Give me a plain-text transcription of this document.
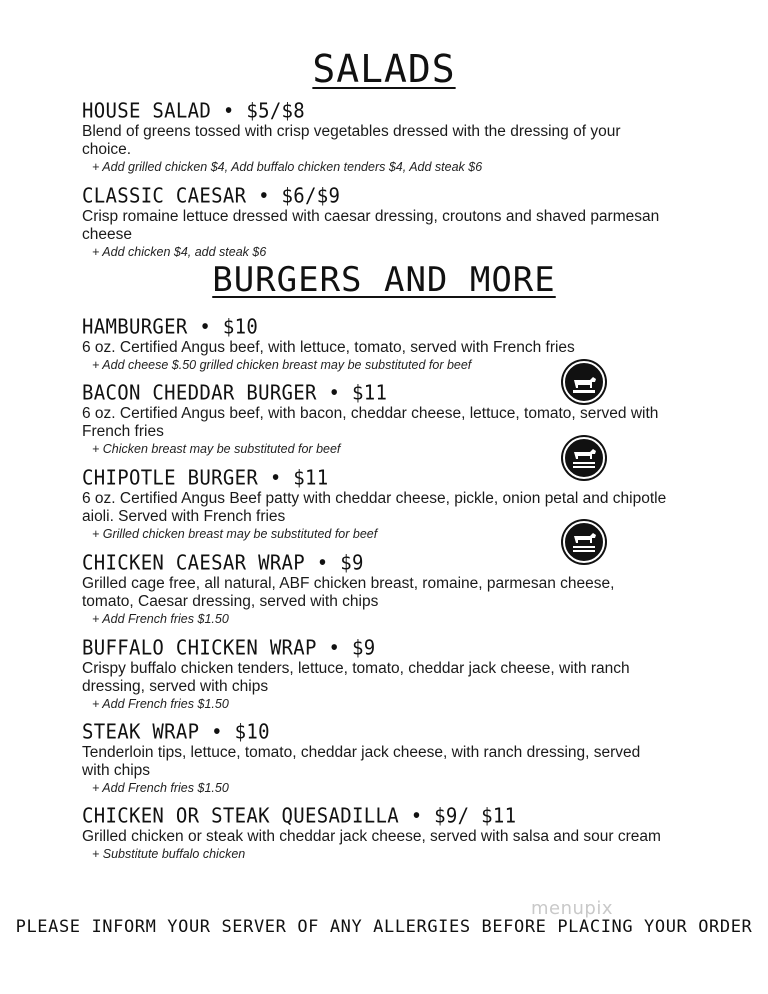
SALADS
HOUSE SALAD • $5/$8
Blend of greens tossed with crisp vegetables dressed with the dressing of your choice.
+ Add grilled chicken $4, Add buffalo chicken tenders $4, Add steak $6
CLASSIC CAESAR • $6/$9
Crisp romaine lettuce dressed with caesar dressing, croutons and shaved parmesan cheese
+ Add chicken $4, add steak $6
BURGERS AND MORE
HAMBURGER • $10
6 oz. Certified Angus beef, with lettuce, tomato, served with French fries
+ Add cheese $.50 grilled chicken breast may be substituted for beef
BACON CHEDDAR BURGER • $11
6 oz. Certified Angus beef, with bacon, cheddar cheese, lettuce, tomato, served with French fries
+ Chicken breast may be substituted for beef
CHIPOTLE BURGER • $11
6 oz. Certified Angus Beef patty with cheddar cheese, pickle, onion petal and chipotle aioli. Served with French fries
+ Grilled chicken breast may be substituted for beef
CHICKEN CAESAR WRAP • $9
Grilled cage free, all natural, ABF chicken breast, romaine, parmesan cheese, tomato, Caesar dressing, served with chips
+ Add French fries $1.50
BUFFALO CHICKEN WRAP • $9
Crispy buffalo chicken tenders, lettuce, tomato, cheddar jack cheese, with ranch dressing, served with chips
+ Add French fries $1.50
STEAK WRAP • $10
Tenderloin tips, lettuce, tomato, cheddar jack cheese, with ranch dressing, served with chips
+ Add French fries $1.50
CHICKEN OR STEAK QUESADILLA • $9/ $11
Grilled chicken or steak with cheddar jack cheese, served with salsa and sour cream
+ Substitute buffalo chicken
menupix
PLEASE INFORM YOUR SERVER OF ANY ALLERGIES BEFORE PLACING YOUR ORDER
